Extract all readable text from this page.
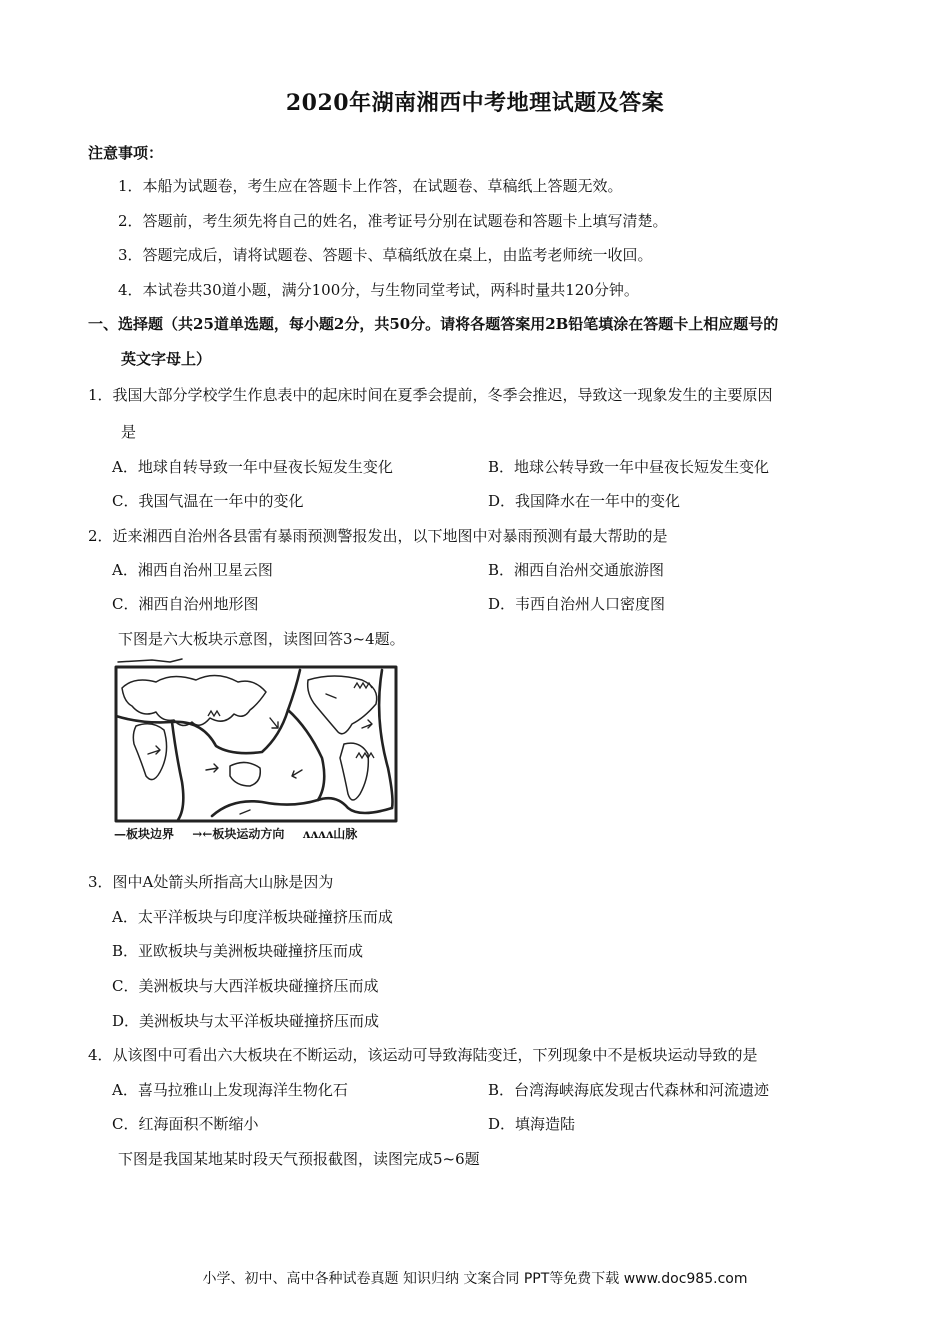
2020年湖南湘西中考地理试题及答案
注意事项：
1．本船为试题卷，考生应在答题卡上作答，在试题卷、草稿纸上答题无效。
2．答题前，考生须先将自己的姓名，准考证号分别在试题卷和答题卡上填写清楚。
3．答题完成后，请将试题卷、答题卡、草稿纸放在桌上，由监考老师统一收回。
4．本试卷共30道小题，满分100分，与生物同堂考试，两科时量共120分钟。
一、选择题（共25道单选题，每小题2分，共50分。请将各题答案用2B铅笔填涂在答题卡上相应题号的
英文字母上）
1．我国大部分学校学生作息表中的起床时间在夏季会提前，冬季会推迟，导致这一现象发生的主要原因
是
A．地球自转导致一年中昼夜长短发生变化	B．地球公转导致一年中昼夜长短发生变化
C．我国气温在一年中的变化	D．我国降水在一年中的变化
2．近来湘西自治州各县雷有暴雨预测警报发出，以下地图中对暴雨预测有最大帮助的是
A．湘西自治州卫星云图	B．湘西自治州交通旅游图
C．湘西自治州地形图	D．韦西自治州人口密度图
下图是六大板块示意图，读图回答3~4题。
—板块边界 →←板块运动方向 ᴧᴧᴧᴧ山脉
3．图中A处箭头所指高大山脉是因为
A．太平洋板块与印度洋板块碰撞挤压而成
B．亚欧板块与美洲板块碰撞挤压而成
C．美洲板块与大西洋板块碰撞挤压而成
D．美洲板块与太平洋板块碰撞挤压而成
4．从该图中可看出六大板块在不断运动，该运动可导致海陆变迁，下列现象中不是板块运动导致的是
A．喜马拉雅山上发现海洋生物化石	B．台湾海峡海底发现古代森林和河流遗迹
C．红海面积不断缩小	D．填海造陆
下图是我国某地某时段天气预报截图，读图完成5~6题
小学、初中、高中各种试卷真题 知识归纳 文案合同 PPT等免费下载 www.doc985.com
